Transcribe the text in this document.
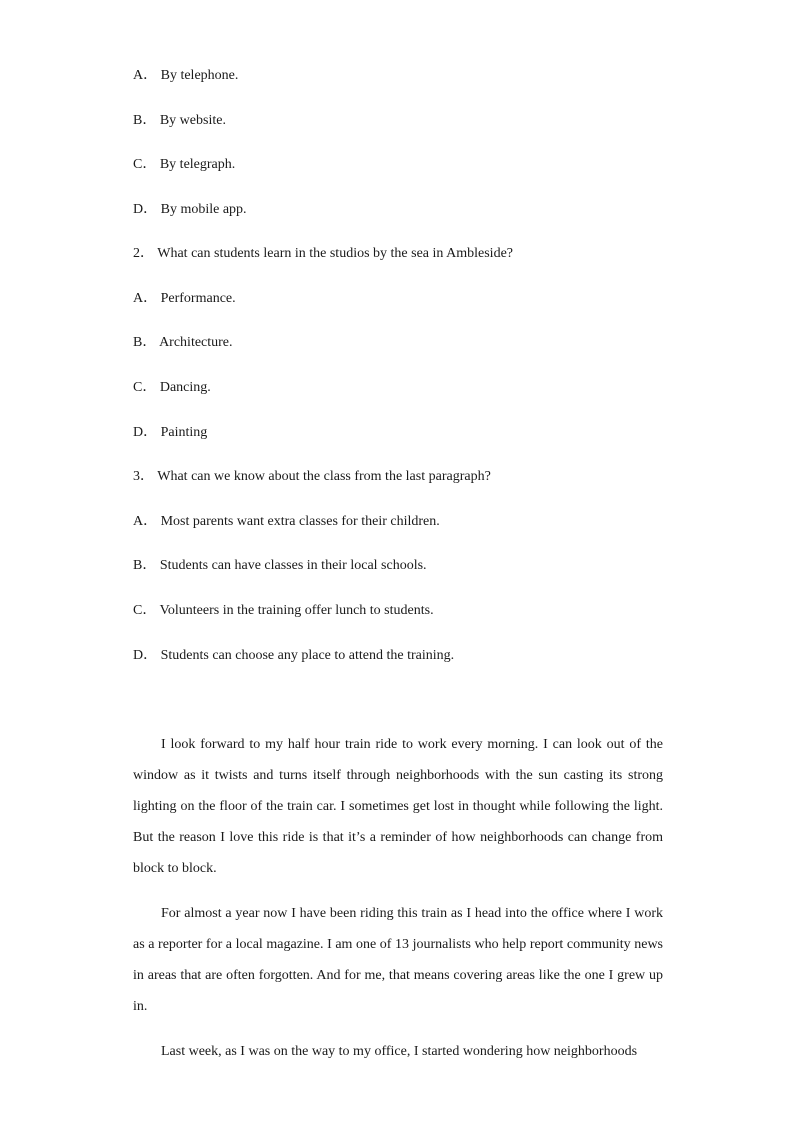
A． By telephone.
B． By website.
C． By telegraph.
D． By mobile app.
2． What can students learn in the studios by the sea in Ambleside?
A． Performance.
B． Architecture.
C． Dancing.
D． Painting
3． What can we know about the class from the last paragraph?
A． Most parents want extra classes for their children.
B． Students can have classes in their local schools.
C． Volunteers in the training offer lunch to students.
D． Students can choose any place to attend the training.
I look forward to my half hour train ride to work every morning. I can look out of the window as it twists and turns itself through neighborhoods with the sun casting its strong lighting on the floor of the train car. I sometimes get lost in thought while following the light. But the reason I love this ride is that it’s a reminder of how neighborhoods can change from block to block.
For almost a year now I have been riding this train as I head into the office where I work as a reporter for a local magazine. I am one of 13 journalists who help report community news in areas that are often forgotten. And for me, that means covering areas like the one I grew up in.
Last week, as I was on the way to my office, I started wondering how neighborhoods
